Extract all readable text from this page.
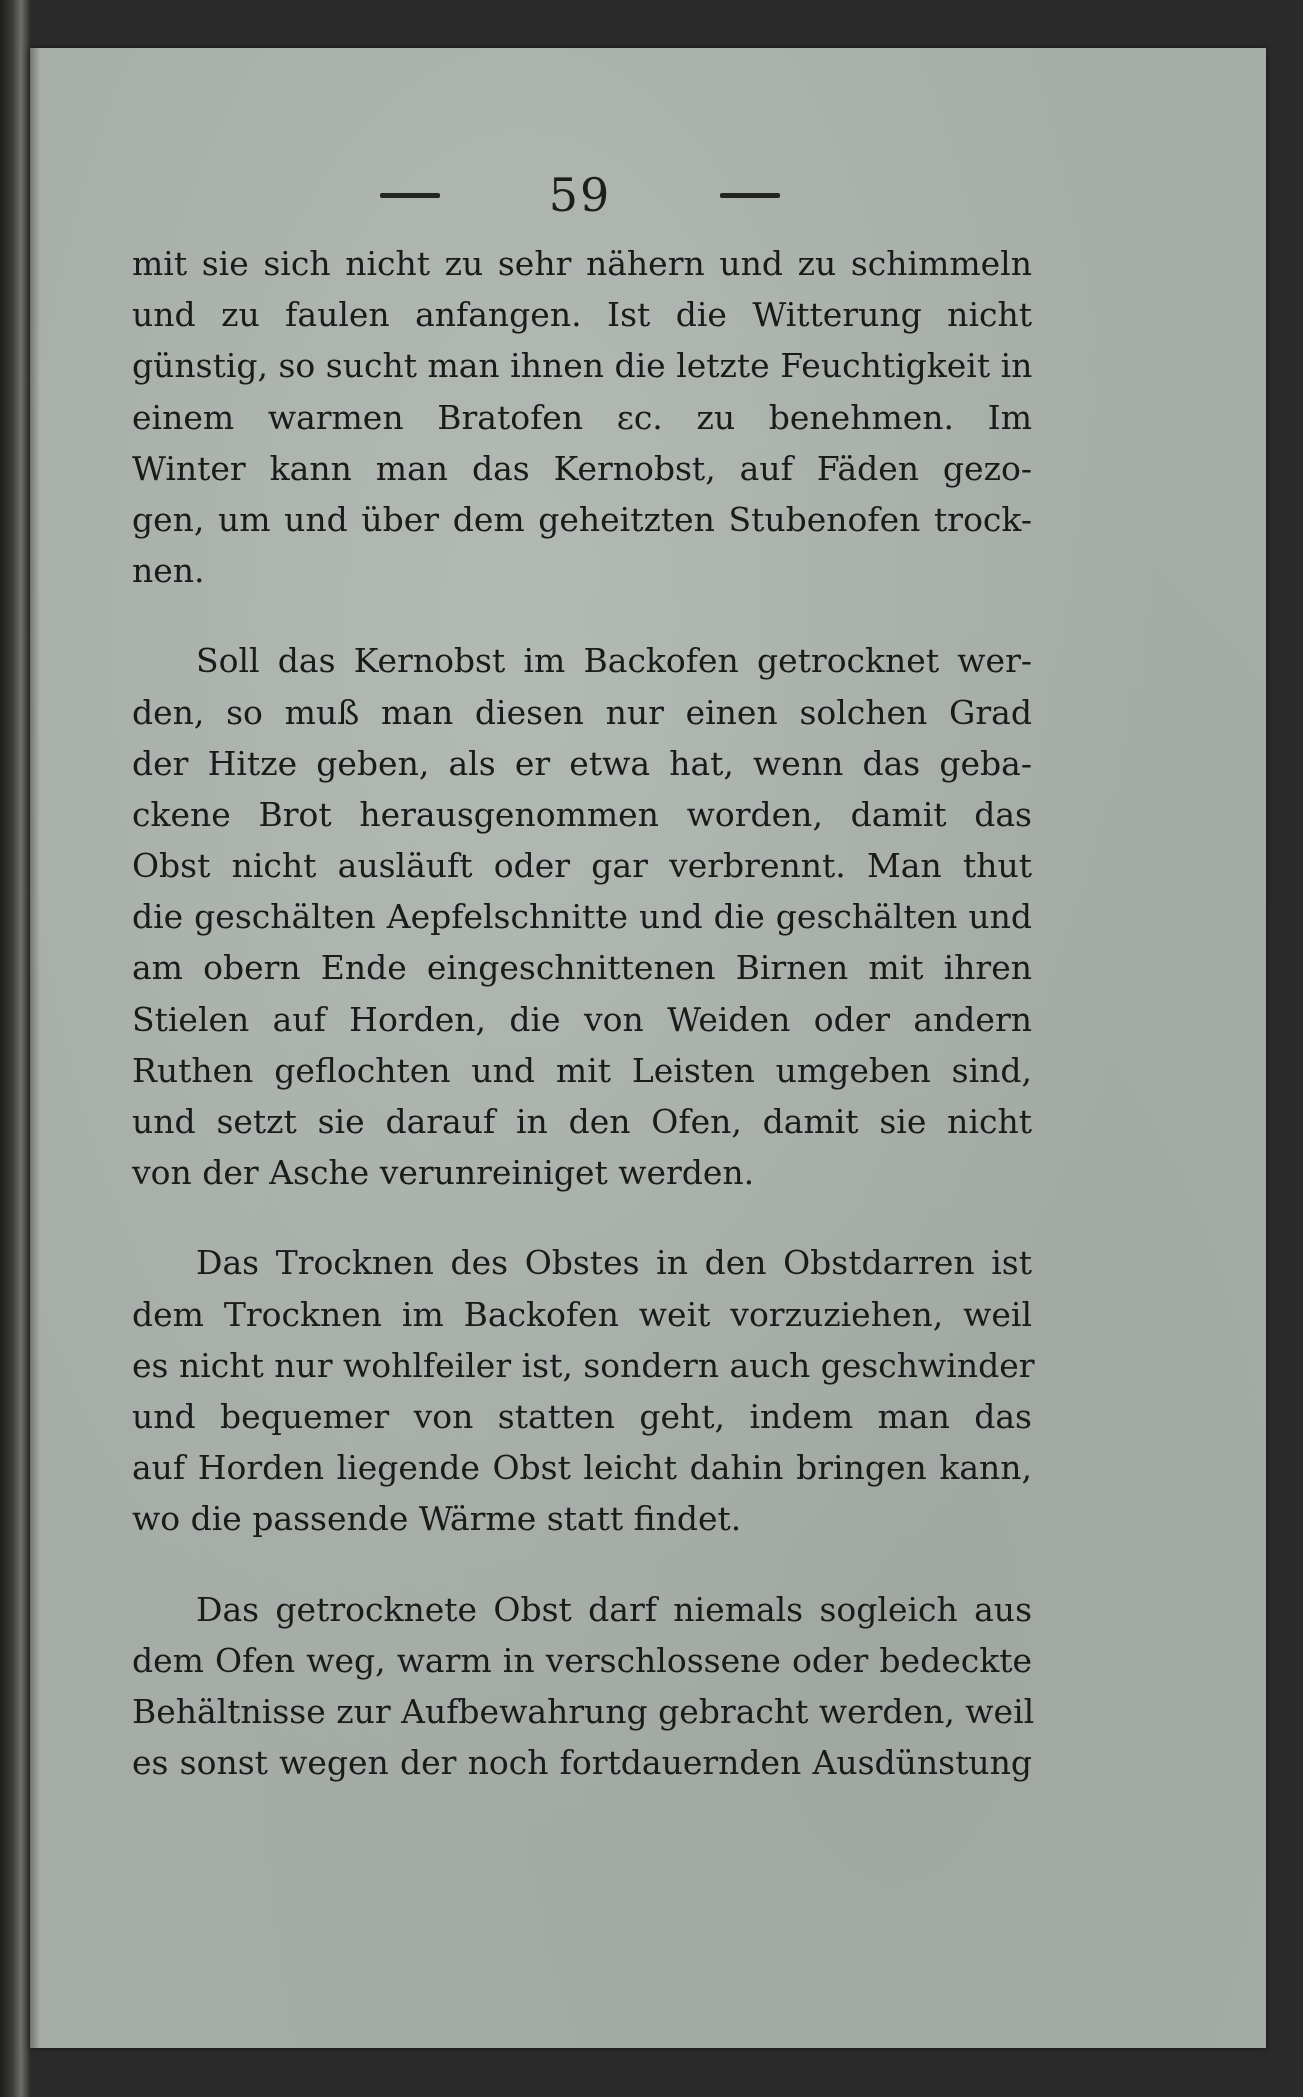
59
mit sie sich nicht zu sehr nähern und zu schimmeln
und zu faulen anfangen. Ist die Witterung nicht
günstig, so sucht man ihnen die letzte Feuchtigkeit in
einem warmen Bratofen ɛc. zu benehmen. Im
Winter kann man das Kernobst, auf Fäden gezo-
gen, um und über dem geheitzten Stubenofen trock-
nen.
Soll das Kernobst im Backofen getrocknet wer-
den, so muß man diesen nur einen solchen Grad
der Hitze geben, als er etwa hat, wenn das geba-
ckene Brot herausgenommen worden, damit das
Obst nicht ausläuft oder gar verbrennt. Man thut
die geschälten Aepfelschnitte und die geschälten und
am obern Ende eingeschnittenen Birnen mit ihren
Stielen auf Horden, die von Weiden oder andern
Ruthen geflochten und mit Leisten umgeben sind,
und setzt sie darauf in den Ofen, damit sie nicht
von der Asche verunreiniget werden.
Das Trocknen des Obstes in den Obstdarren ist
dem Trocknen im Backofen weit vorzuziehen, weil
es nicht nur wohlfeiler ist, sondern auch geschwinder
und bequemer von statten geht, indem man das
auf Horden liegende Obst leicht dahin bringen kann,
wo die passende Wärme statt findet.
Das getrocknete Obst darf niemals sogleich aus
dem Ofen weg, warm in verschlossene oder bedeckte
Behältnisse zur Aufbewahrung gebracht werden, weil
es sonst wegen der noch fortdauernden Ausdünstung
